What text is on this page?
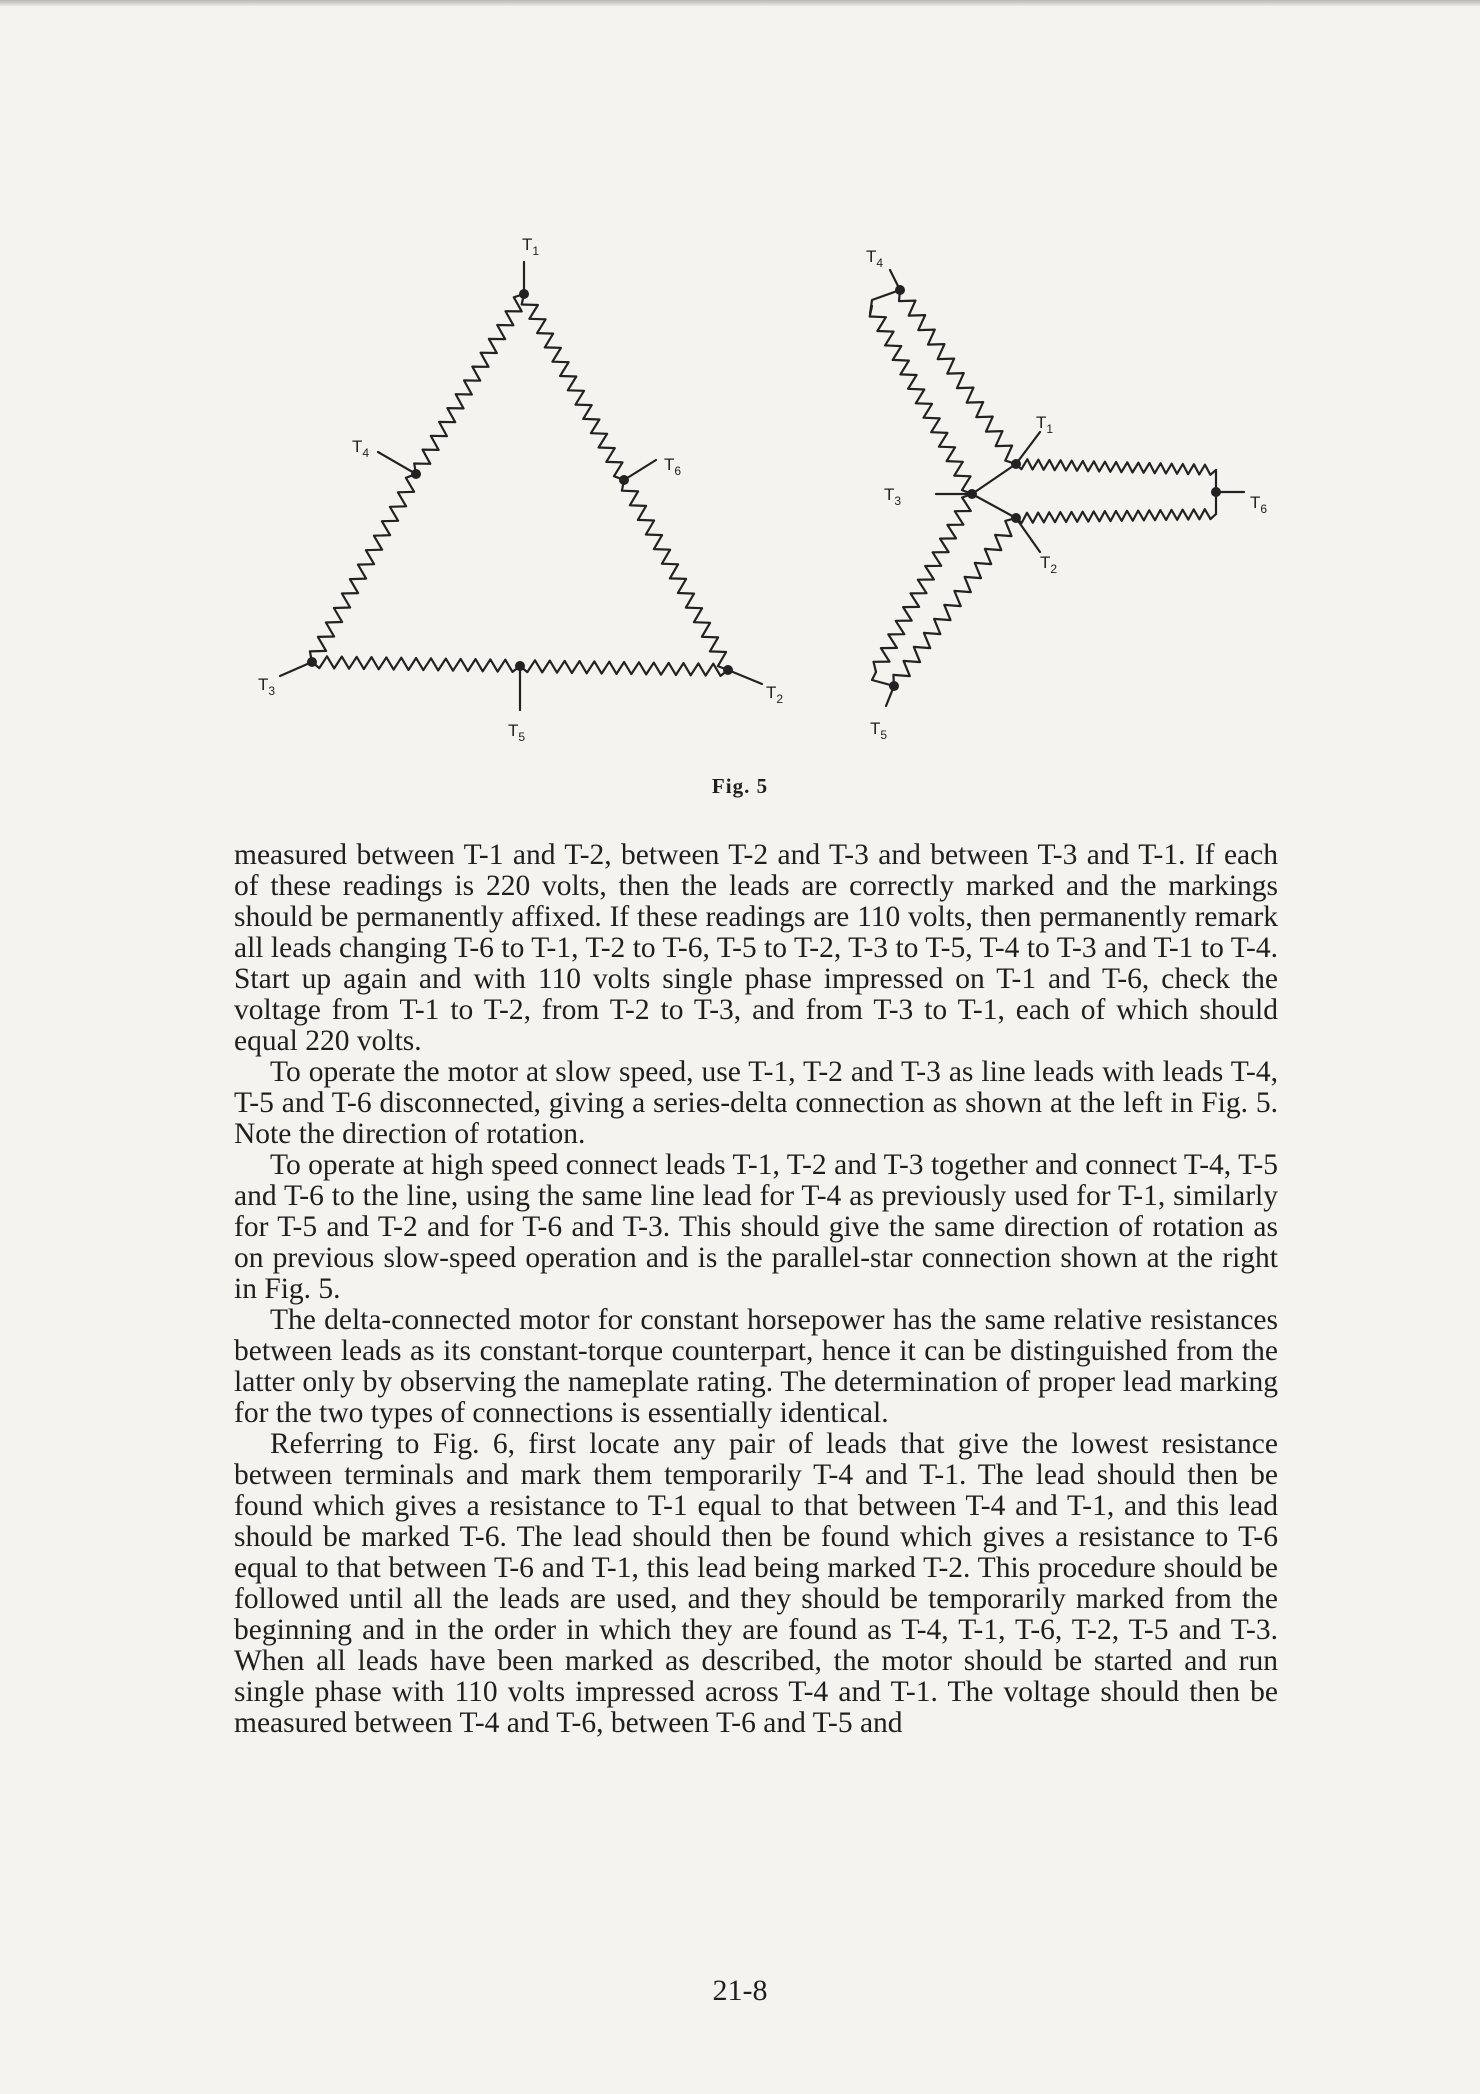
$T_1$
$T_4$
$T_6$
$T_3$	$T_2$
$T_5$
$T_4$
$T_1$
$T_3$	$T_6$
$T_2$
$T_5$
Fig. 5

measured between T-1 and T-2, between T-2 and T-3 and between T-3 and T-1. If each of these readings is 220 volts, then the leads are correctly marked and the markings should be permanently affixed. If these readings are 110 volts, then permanently remark all leads changing T-6 to T-1, T-2 to T-6, T-5 to T-2, T-3 to T-5, T-4 to T-3 and T-1 to T-4. Start up again and with 110 volts single phase impressed on T-1 and T-6, check the voltage from T-1 to T-2, from T-2 to T-3, and from T-3 to T-1, each of which should equal 220 volts.

To operate the motor at slow speed, use T-1, T-2 and T-3 as line leads with leads T-4, T-5 and T-6 disconnected, giving a series-delta connection as shown at the left in Fig. 5. Note the direction of rotation.

To operate at high speed connect leads T-1, T-2 and T-3 together and connect T-4, T-5 and T-6 to the line, using the same line lead for T-4 as previously used for T-1, similarly for T-5 and T-2 and for T-6 and T-3. This should give the same direction of rotation as on previous slow-speed operation and is the parallel-star connection shown at the right in Fig. 5.

The delta-connected motor for constant horsepower has the same relative resistances between leads as its constant-torque counterpart, hence it can be distinguished from the latter only by observing the nameplate rating. The determination of proper lead marking for the two types of connections is essentially identical.

Referring to Fig. 6, first locate any pair of leads that give the lowest resistance between terminals and mark them temporarily T-4 and T-1. The lead should then be found which gives a resistance to T-1 equal to that between T-4 and T-1, and this lead should be marked T-6. The lead should then be found which gives a resistance to T-6 equal to that between T-6 and T-1, this lead being marked T-2. This procedure should be followed until all the leads are used, and they should be temporarily marked from the beginning and in the order in which they are found as T-4, T-1, T-6, T-2, T-5 and T-3. When all leads have been marked as described, the motor should be started and run single phase with 110 volts impressed across T-4 and T-1. The voltage should then be measured between T-4 and T-6, between T-6 and T-5 and

21-8
